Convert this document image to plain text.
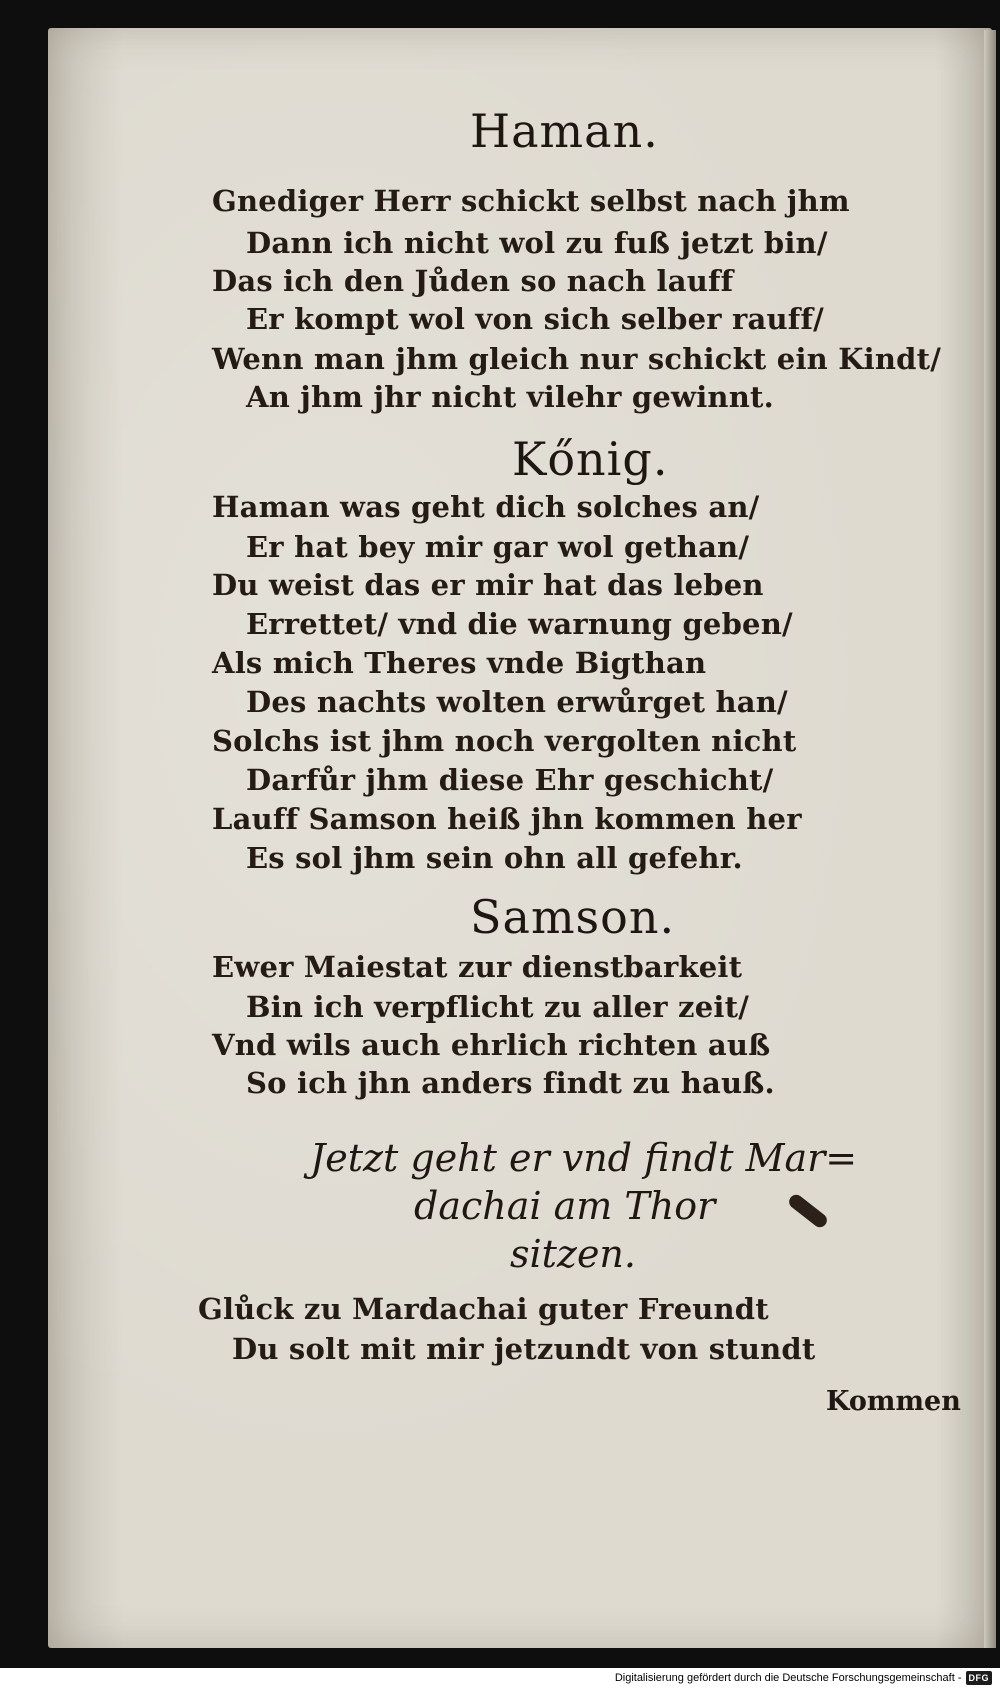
Haman.
Gnediger Herr schickt selbst nach jhm
Dann ich nicht wol zu fuß jetzt bin/
Das ich den Jůden so nach lauff
Er kompt wol von sich selber rauff/
Wenn man jhm gleich nur schickt ein Kindt/
An jhm jhr nicht vilehr gewinnt.
Kőnig.
Haman was geht dich solches an/
Er hat bey mir gar wol gethan/
Du weist das er mir hat das leben
Errettet/ vnd die warnung geben/
Als mich Theres vnde Bigthan
Des nachts wolten erwůrget han/
Solchs ist jhm noch vergolten nicht
Darfůr jhm diese Ehr geschicht/
Lauff Samson heiß jhn kommen her
Es sol jhm sein ohn all gefehr.
Samson.
Ewer Maiestat zur dienstbarkeit
Bin ich verpflicht zu aller zeit/
Vnd wils auch ehrlich richten auß
So ich jhn anders findt zu hauß.
Jetzt geht er vnd findt Mar=
dachai am Thor
sitzen.
Glůck zu Mardachai guter Freundt
Du solt mit mir jetzundt von stundt
Kommen
Digitalisierung gefördert durch die Deutsche Forschungsgemeinschaft - DFG
